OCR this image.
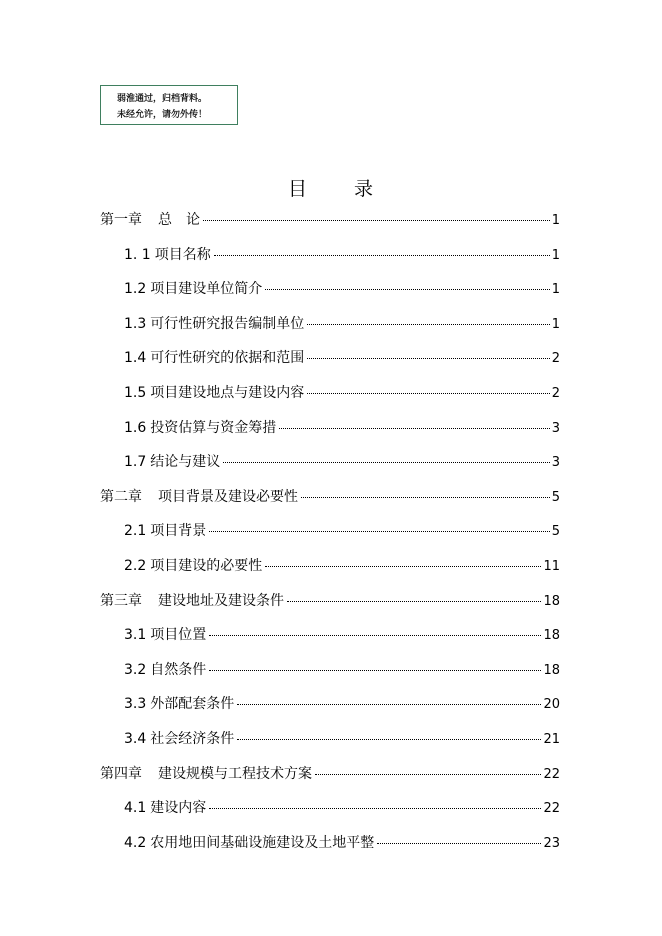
弱淮通过，归档背料。
未经允许，请勿外传！
目 录
第一章 总　论	1
1. 1 项目名称	1
1.2 项目建设单位简介	1
1.3 可行性研究报告编制单位	1
1.4 可行性研究的依据和范围	2
1.5 项目建设地点与建设内容	2
1.6 投资估算与资金筹措	3
1.7 结论与建议	3
第二章 项目背景及建设必要性	5
2.1 项目背景	5
2.2 项目建设的必要性	11
第三章 建设地址及建设条件	18
3.1 项目位置	18
3.2 自然条件	18
3.3 外部配套条件	20
3.4 社会经济条件	21
第四章 建设规模与工程技术方案	22
4.1 建设内容	22
4.2 农用地田间基础设施建设及土地平整	23
